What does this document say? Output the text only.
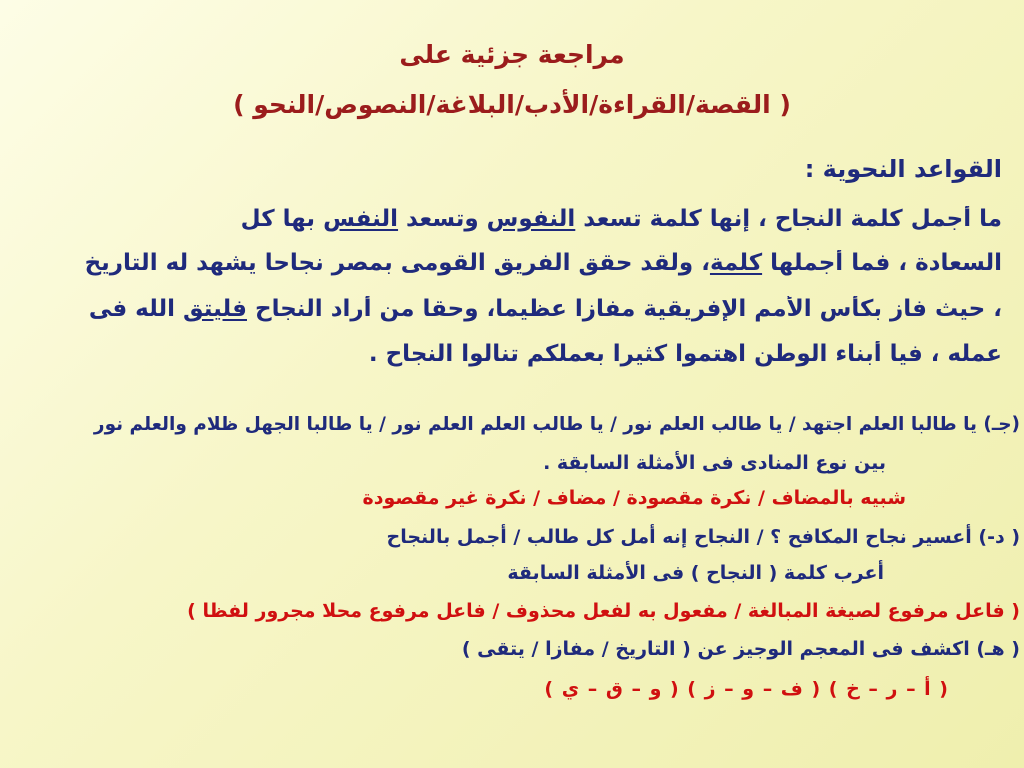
مراجعة جزئية على
( القصة/القراءة/الأدب/البلاغة/النصوص/النحو )
القواعد النحوية :
ما أجمل كلمة النجاح ، إنها كلمة تسعد النفوس وتسعد النفس بها كل
السعادة ، فما أجملها كلمة، ولقد حقق الفريق القومى بمصر نجاحا يشهد له التاريخ
، حيث فاز بكأس الأمم الإفريقية مفازا عظيما، وحقا من أراد النجاح فليتق الله فى
عمله ، فيا أبناء الوطن اهتموا كثيرا بعملكم تنالوا النجاح .
(جـ) يا طالبا العلم اجتهد / يا طالب العلم نور / يا طالب العلم العلم نور / يا طالبا الجهل ظلام والعلم نور
بين نوع المنادى فى الأمثلة السابقة .
شبيه بالمضاف / نكرة مقصودة / مضاف / نكرة غير مقصودة
( د-) أعسير نجاح المكافح ؟ / النجاح إنه أمل كل طالب / أجمل بالنجاح
أعرب كلمة ( النجاح ) فى الأمثلة السابقة
( فاعل مرفوع لصيغة المبالغة / مفعول به لفعل محذوف / فاعل مرفوع محلا مجرور لفظا )
( هـ) اكشف فى المعجم الوجيز عن ( التاريخ / مفازا / يتقى )
( أ – ر – خ ) ( ف – و – ز ) ( و – ق – ي )
